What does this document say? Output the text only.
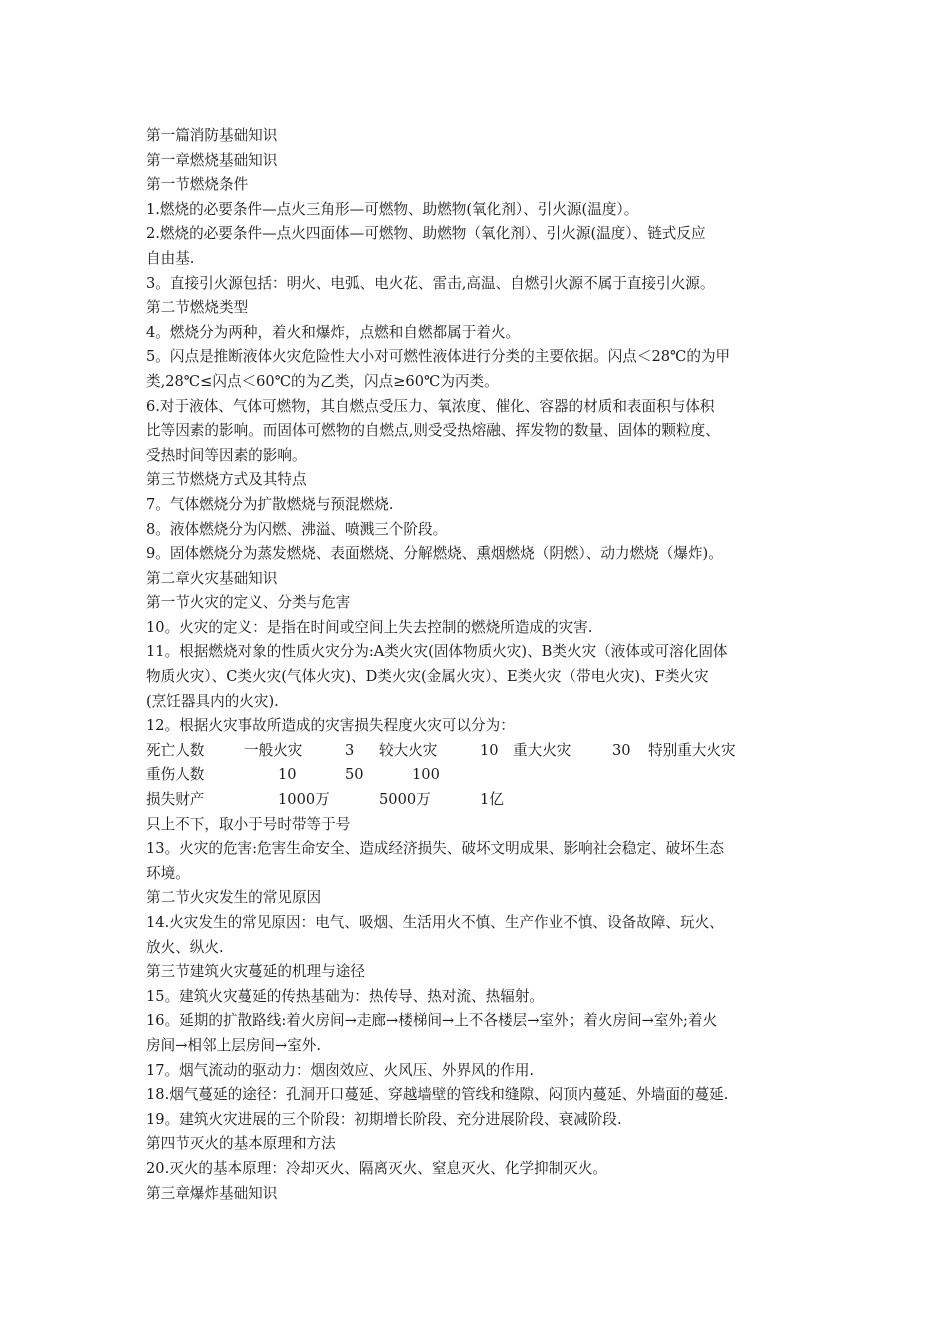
第一篇消防基础知识
第一章燃烧基础知识
第一节燃烧条件
1.燃烧的必要条件—点火三角形—可燃物、助燃物(氧化剂）、引火源(温度）。
2.燃烧的必要条件—点火四面体—可燃物、助燃物（氧化剂）、引火源(温度）、链式反应
自由基.
3。直接引火源包括：明火、电弧、电火花、雷击,高温、自燃引火源不属于直接引火源。
第二节燃烧类型
4。燃烧分为两种，着火和爆炸，点燃和自燃都属于着火。
5。闪点是推断液体火灾危险性大小对可燃性液体进行分类的主要依据。闪点＜28℃的为甲
类,28℃≤闪点＜60℃的为乙类，闪点≥60℃为丙类。
6.对于液体、气体可燃物，其自燃点受压力、氧浓度、催化、容器的材质和表面积与体积
比等因素的影响。而固体可燃物的自燃点,则受受热熔融、挥发物的数量、固体的颗粒度、
受热时间等因素的影响。
第三节燃烧方式及其特点
7。气体燃烧分为扩散燃烧与预混燃烧.
8。液体燃烧分为闪燃、沸溢、喷溅三个阶段。
9。固体燃烧分为蒸发燃烧、表面燃烧、分解燃烧、熏烟燃烧（阴燃）、动力燃烧（爆炸)。
第二章火灾基础知识
第一节火灾的定义、分类与危害
10。火灾的定义：是指在时间或空间上失去控制的燃烧所造成的灾害.
11。根据燃烧对象的性质火灾分为:A类火灾(固体物质火灾)、B类火灾（液体或可溶化固体
物质火灾）、C类火灾(气体火灾)、D类火灾(金属火灾）、E类火灾（带电火灾)、F类火灾
(烹饪器具内的火灾).
12。根据火灾事故所造成的灾害损失程度火灾可以分为：
死亡人数	一般火灾	3 较大火灾	10 重大火灾	30 特别重大火灾
重伤人数	10	50	100
损失财产	1000万	5000万	1亿
只上不下，取小于号时带等于号
13。火灾的危害:危害生命安全、造成经济损失、破坏文明成果、影响社会稳定、破坏生态
环境。
第二节火灾发生的常见原因
14.火灾发生的常见原因：电气、吸烟、生活用火不慎、生产作业不慎、设备故障、玩火、
放火、纵火.
第三节建筑火灾蔓延的机理与途径
15。建筑火灾蔓延的传热基础为：热传导、热对流、热辐射。
16。延期的扩散路线:着火房间→走廊→楼梯间→上不各楼层→室外；着火房间→室外;着火
房间→相邻上层房间→室外.
17。烟气流动的驱动力：烟囱效应、火风压、外界风的作用.
18.烟气蔓延的途径：孔洞开口蔓延、穿越墙壁的管线和缝隙、闷顶内蔓延、外墙面的蔓延.
19。建筑火灾进展的三个阶段：初期增长阶段、充分进展阶段、衰减阶段.
第四节灭火的基本原理和方法
20.灭火的基本原理：冷却灭火、隔离灭火、窒息灭火、化学抑制灭火。
第三章爆炸基础知识
